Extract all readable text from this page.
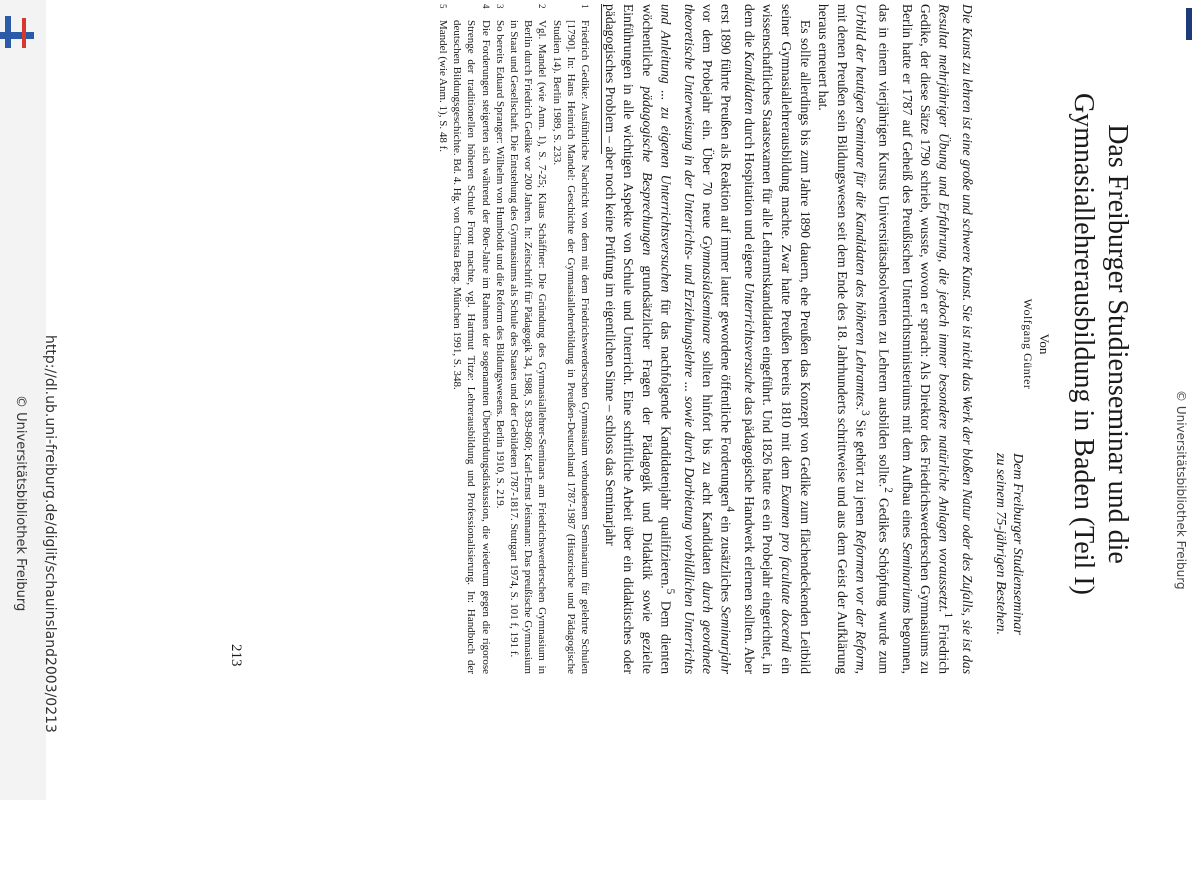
http://dl.ub.uni-freiburg.de/diglit/schauinsland2003/0213
© Universitätsbibliothek Freiburg	© Universitätsbibliothek Freiburg
Das Freiburger Studienseminar und die
Gymnasiallehrerausbildung in Baden (Teil I)
Von
Wolfgang Günter
Dem Freiburger Studienseminar
zu seinem 75-jährigen Bestehen.

Die Kunst zu lehren ist eine große und schwere Kunst. Sie ist nicht das Werk der bloßen Natur oder des Zufalls, sie ist das Resultat mehrjähriger Übung und Erfahrung, die jedoch immer besondere natürliche Anlagen voraussetzt.$^1$ Friedrich Gedike, der diese Sätze 1790 schrieb, wusste, wovon er sprach: Als Direktor des Friedrichswerderschen Gymnasiums zu Berlin hatte er 1787 auf Geheiß des Preußischen Unterrichtsministeriums mit dem Aufbau eines Seminariums begonnen, das in einem vierjährigen Kursus Universitätsabsolventen zu Lehrern ausbilden sollte.$^2$ Gedikes Schöpfung wurde zum Urbild der heutigen Seminare für die Kandidaten des höheren Lehramtes.$^3$ Sie gehört zu jenen Reformen vor der Reform, mit denen Preußen sein Bildungswesen seit dem Ende des 18. Jahrhunderts schrittweise und aus dem Geist der Aufklärung heraus erneuert hat.

Es sollte allerdings bis zum Jahre 1890 dauern, ehe Preußen das Konzept von Gedike zum flächendeckenden Leitbild seiner Gymnasiallehrerausbildung machte. Zwar hatte Preußen bereits 1810 mit dem Examen pro facultate docendi ein wissenschaftliches Staatsexamen für alle Lehramtskandidaten eingeführt. Und 1826 hatte es ein Probejahr eingerichtet, in dem die Kandidaten durch Hospitation und eigene Unterrichtsversuche das pädagogische Handwerk erlernen sollten. Aber erst 1890 führte Preußen als Reaktion auf immer lauter gewordene öffentliche Forderungen$^4$ ein zusätzliches Seminarjahr vor dem Probejahr ein. Über 70 neue Gymnasialseminare sollten hinfort bis zu acht Kandidaten durch geordnete theoretische Unterweisung in der Unterrichts- und Erziehungslehre ... sowie durch Darbietung vorbildlichen Unterrichts und Anleitung ... zu eigenen Unterrichtsversuchen für das nachfolgende Kandidatenjahr qualifizieren.$^5$ Dem dienten wöchentliche pädagogische Besprechungen grundsätzlicher Fragen der Pädagogik und Didaktik sowie gezielte Einführungen in alle wichtigen Aspekte von Schule und Unterricht. Eine schriftliche Arbeit über ein didaktisches oder pädagogisches Problem – aber noch keine Prüfung im eigentlichen Sinne – schloss das Seminarjahr

1
Friedrich Gedike: Ausführliche Nachricht von dem mit dem Friedrichswerderschen Gymnasium verbundenem Seminarium für gelehrte Schulen [1790]. In: Hans Heinrich Mandel: Geschichte der Gymnasiallehrerbildung in Preußen-Deutschland 1787-1987 (Historische und Pädagogische Studien 14). Berlin 1989, S. 233.

2
Vgl. Mandel (wie Anm. 1), S. 7-25; Klaus Schäffner: Die Gründung des Gymnasiallehrer-Seminars am Friedrichswerderschen Gymnasium in Berlin durch Friedrich Gedike vor 200 Jahren. In: Zeitschrift für Pädagogik 34, 1988, S. 839-860; Karl-Ernst Jeismann: Das preußische Gymnasium in Staat und Gesellschaft. Die Entstehung des Gymnasiums als Schule des Staates und der Gebildeten 1787-1817. Stuttgart 1974, S. 101 f, 191 f.

3
So bereits Eduard Spranger: Wilhelm von Humboldt und die Reform des Bildungswesens. Berlin 1910, S. 219.

4
Die Forderungen steigerten sich während der 80er-Jahre im Rahmen der sogenannten Überbürdungsdiskussion, die wiederum gegen die rigorose Strenge der traditionellen höheren Schule Front machte, vgl. Hartmut Titze: Lehrerausbildung und Professionalisierung. In: Handbuch der deutschen Bildungsgeschichte. Bd. 4. Hg. von Christa Berg. München 1991, S. 348.

5
Mandel (wie Anm. 1), S. 48 f.

213
